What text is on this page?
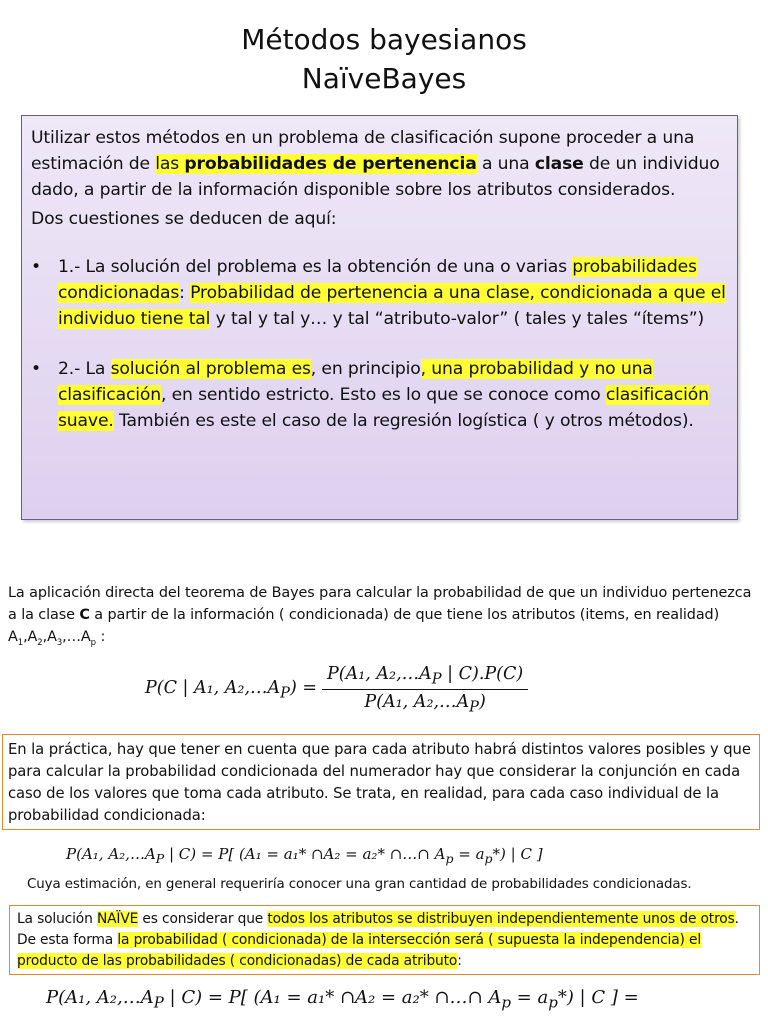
Métodos bayesianos
NaïveBayes

Utilizar estos métodos en un problema de clasificación supone proceder a una estimación de las probabilidades de pertenencia a una clase de un individuo dado, a partir de la información disponible sobre los atributos considerados.

Dos cuestiones se deducen de aquí:

• 1.- La solución del problema es la obtención de una o varias probabilidades condicionadas: Probabilidad de pertenencia a una clase, condicionada a que el individuo tiene tal y tal y tal y… y tal “atributo-valor” ( tales y tales “ítems”)
• 2.- La solución al problema es, en principio, una probabilidad y no una clasificación, en sentido estricto. Esto es lo que se conoce como clasificación suave. También es este el caso de la regresión logística ( y otros métodos).
La aplicación directa del teorema de Bayes para calcular la probabilidad de que un individuo pertenezca a la clase C a partir de la información ( condicionada) de que tiene los atributos (items, en realidad) $A_1,A_2,A_3,\dots A_p$ :
P(C | A₁, $A_2,\dots A_P) = \frac{P(A_1, A_2,\dots A_P | C).P(C)}{P(A_1, A_2,\dots A_P)}$

En la práctica, hay que tener en cuenta que para cada atributo habrá distintos valores posibles y que para calcular la probabilidad condicionada del numerador hay que considerar la conjunción en cada caso de los valores que toma cada atributo. Se trata, en realidad, para cada caso individual de la probabilidad condicionada:

P(A₁, $A_2,\dots A_P$ | C) = P[ (A₁ = a₁* ∩A₂ = a₂* ∩…∩ $A_p = a_p*$) | C ]
Cuya estimación, en general requeriría conocer una gran cantidad de probabilidades condicionadas.

La solución NAÏVE es considerar que todos los atributos se distribuyen independientemente unos de otros. De esta forma la probabilidad ( condicionada) de la intersección será ( supuesta la independencia) el producto de las probabilidades ( condicionadas) de cada atributo:

P(A₁, $A_2,\dots A_P$ | C) = P[ (A₁ = a₁* ∩A₂ = a₂* ∩…∩ $A_p = a_p*$) | C ] =
